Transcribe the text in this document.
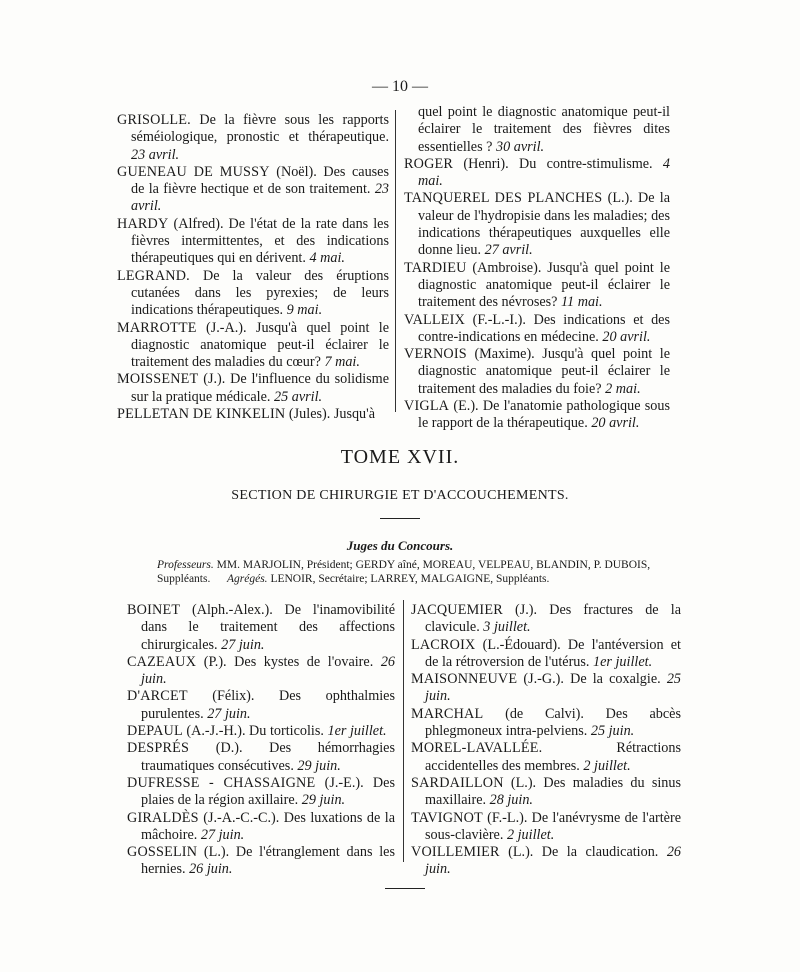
— 10 —
GRISOLLE. De la fièvre sous les rapports séméiologique, pronostic et thérapeutique. 23 avril.
GUENEAU DE MUSSY (Noël). Des causes de la fièvre hectique et de son traitement. 23 avril.
HARDY (Alfred). De l'état de la rate dans les fièvres intermittentes, et des indications thérapeutiques qui en dérivent. 4 mai.
LEGRAND. De la valeur des éruptions cutanées dans les pyrexies; de leurs indications thérapeutiques. 9 mai.
MARROTTE (J.-A.). Jusqu'à quel point le diagnostic anatomique peut-il éclairer le traitement des maladies du cœur? 7 mai.
MOISSENET (J.). De l'influence du solidisme sur la pratique médicale. 25 avril.
PELLETAN DE KINKELIN (Jules). Jusqu'à
quel point le diagnostic anatomique peut-il éclairer le traitement des fièvres dites essentielles ? 30 avril.
ROGER (Henri). Du contre-stimulisme. 4 mai.
TANQUEREL DES PLANCHES (L.). De la valeur de l'hydropisie dans les maladies; des indications thérapeutiques auxquelles elle donne lieu. 27 avril.
TARDIEU (Ambroise). Jusqu'à quel point le diagnostic anatomique peut-il éclairer le traitement des névroses? 11 mai.
VALLEIX (F.-L.-I.). Des indications et des contre-indications en médecine. 20 avril.
VERNOIS (Maxime). Jusqu'à quel point le diagnostic anatomique peut-il éclairer le traitement des maladies du foie? 2 mai.
VIGLA (E.). De l'anatomie pathologique sous le rapport de la thérapeutique. 20 avril.
TOME XVII.
SECTION DE CHIRURGIE ET D'ACCOUCHEMENTS.
Juges du Concours.
Professeurs. MM. MARJOLIN, Président; GERDY aîné, MOREAU, VELPEAU, BLANDIN, P. DUBOIS, Suppléants.	Agrégés. LENOIR, Secrétaire; LARREY, MALGAIGNE, Suppléants.
BOINET (Alph.-Alex.). De l'inamovibilité dans le traitement des affections chirurgicales. 27 juin.
CAZEAUX (P.). Des kystes de l'ovaire. 26 juin.
D'ARCET (Félix). Des ophthalmies purulentes. 27 juin.
DEPAUL (A.-J.-H.). Du torticolis. 1er juillet.
DESPRÉS (D.). Des hémorrhagies traumatiques consécutives. 29 juin.
DUFRESSE - CHASSAIGNE (J.-E.). Des plaies de la région axillaire. 29 juin.
GIRALDÈS (J.-A.-C.-C.). Des luxations de la mâchoire. 27 juin.
GOSSELIN (L.). De l'étranglement dans les hernies. 26 juin.
JACQUEMIER (J.). Des fractures de la clavicule. 3 juillet.
LACROIX (L.-Édouard). De l'antéversion et de la rétroversion de l'utérus. 1er juillet.
MAISONNEUVE (J.-G.). De la coxalgie. 25 juin.
MARCHAL (de Calvi). Des abcès phlegmoneux intra-pelviens. 25 juin.
MOREL-LAVALLÉE. Rétractions accidentelles des membres. 2 juillet.
SARDAILLON (L.). Des maladies du sinus maxillaire. 28 juin.
TAVIGNOT (F.-L.). De l'anévrysme de l'artère sous-clavière. 2 juillet.
VOILLEMIER (L.). De la claudication. 26 juin.
